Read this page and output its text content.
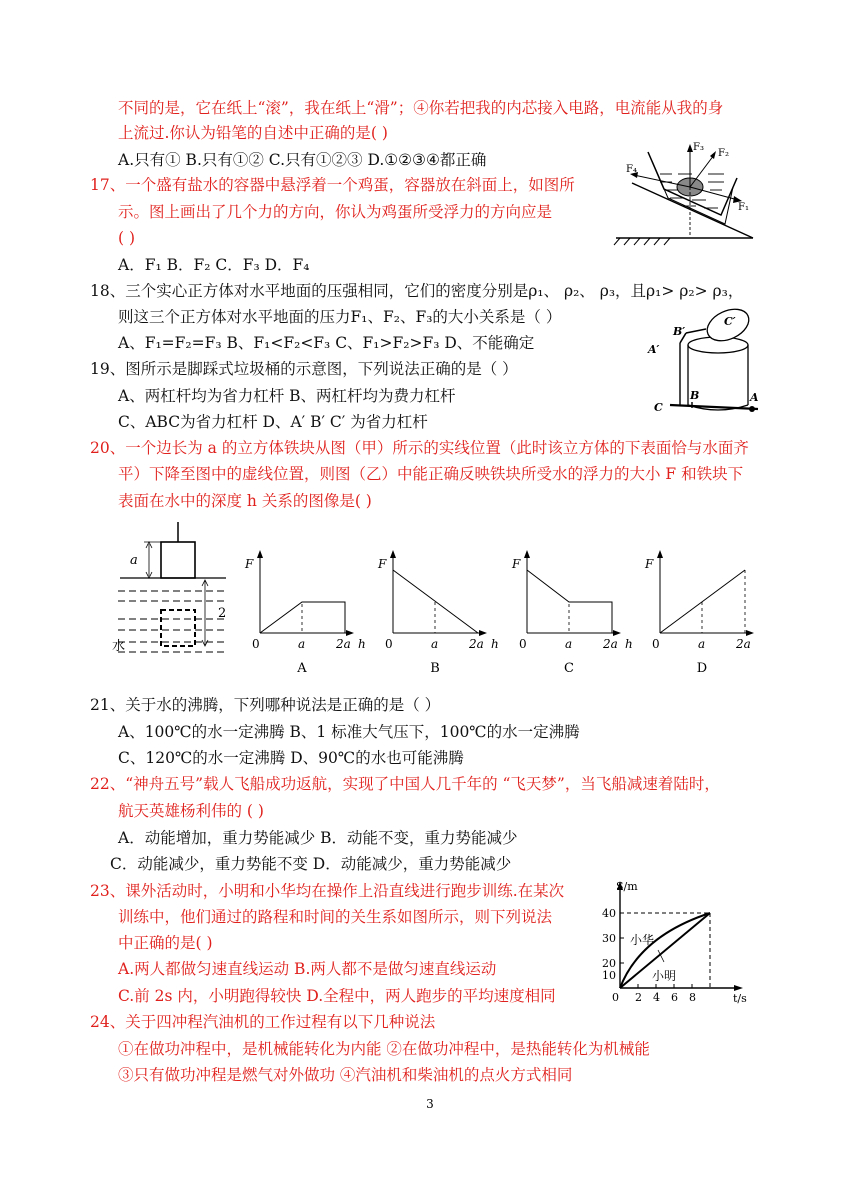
不同的是，它在纸上“滚”，我在纸上“滑”；④你若把我的内芯接入电路，电流能从我的身
上流过.你认为铅笔的自述中正确的是( )
A.只有① B.只有①② C.只有①②③ D.①②③④都正确
17、一个盛有盐水的容器中悬浮着一个鸡蛋，容器放在斜面上，如图所
示。图上画出了几个力的方向，你认为鸡蛋所受浮力的方向应是
( )
A．F₁ B．F₂ C．F₃ D．F₄
18、三个实心正方体对水平地面的压强相同，它们的密度分别是ρ₁、 ρ₂、 ρ₃，且ρ₁> ρ₂> ρ₃，
则这三个正方体对水平地面的压力F₁、F₂、F₃的大小关系是（ ）
A、F₁=F₂=F₃ B、F₁<F₂<F₃ C、F₁>F₂>F₃ D、不能确定
19、图所示是脚踩式垃圾桶的示意图，下列说法正确的是（ ）
A、两杠杆均为省力杠杆 B、两杠杆均为费力杠杆
C、ABC为省力杠杆 D、A′ B′ C′ 为省力杠杆
20、一个边长为 a 的立方体铁块从图（甲）所示的实线位置（此时该立方体的下表面恰与水面齐
平）下降至图中的虚线位置，则图（乙）中能正确反映铁块所受水的浮力的大小 F 和铁块下
表面在水中的深度 h 关系的图像是( )
21、关于水的沸腾，下列哪种说法是正确的是（ ）
A、100℃的水一定沸腾 B、1 标准大气压下，100℃的水一定沸腾
C、120℃的水一定沸腾 D、90℃的水也可能沸腾
22、“神舟五号”载人飞船成功返航，实现了中国人几千年的 “飞天梦”，当飞船减速着陆时，
航天英雄杨利伟的 ( )
A．动能增加，重力势能减少 B．动能不变，重力势能减少
C．动能减少，重力势能不变 D．动能减少，重力势能减少
23、课外活动时，小明和小华均在操作上沿直线进行跑步训练.在某次
训练中，他们通过的路程和时间的关生系如图所示，则下列说法
中正确的是( )
A.两人都做匀速直线运动 B.两人都不是做匀速直线运动
C.前 2s 内，小明跑得较快 D.全程中，两人跑步的平均速度相同
24、关于四冲程汽油机的工作过程有以下几种说法
①在做功冲程中，是机械能转化为内能 ②在做功冲程中，是热能转化为机械能
③只有做功冲程是燃气对外做功 ④汽油机和柴油机的点火方式相同
F₃
F₂
F₁
F₄
C′
B′
A′
B
C
A
a
2
水
F
0	a	2a h
A
F
0	a	2a h
B
F
0	a	2a h
C
F
0	a	2a
D
S/m
t/s
40
30
20
10
0 2 4 6 8
小华
小明
3
